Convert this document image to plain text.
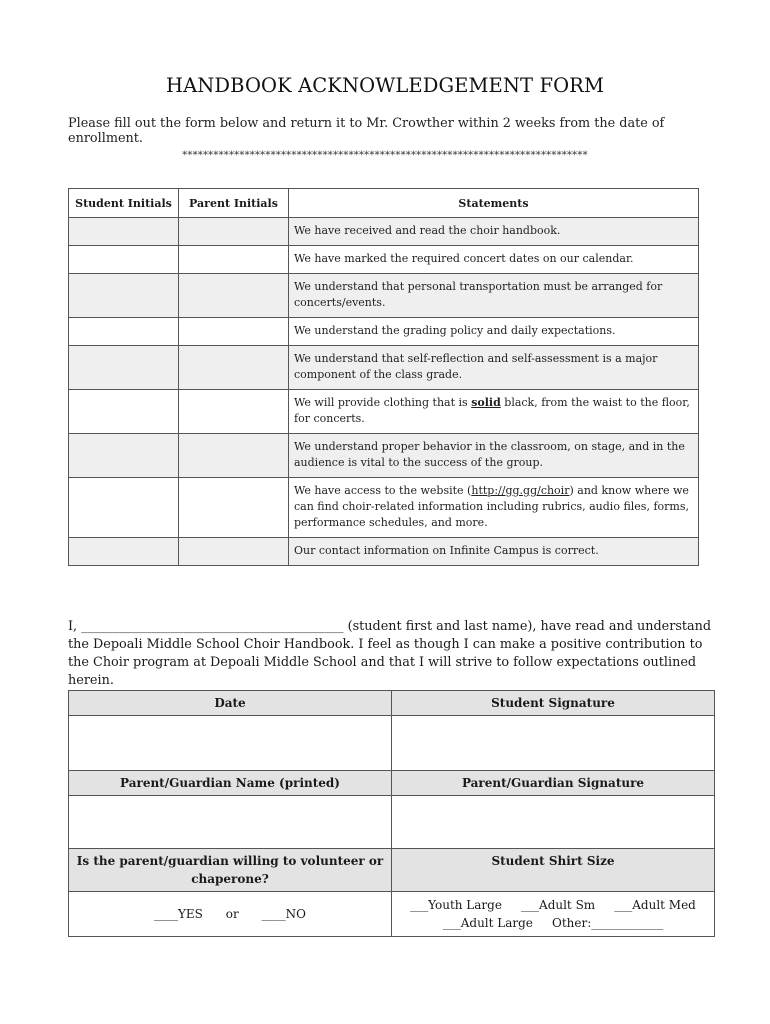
HANDBOOK ACKNOWLEDGEMENT FORM
Please fill out the form below and return it to Mr. Crowther within 2 weeks from the date of enrollment.
******************************************************************************
Student Initials	Parent Initials	Statements
		We have received and read the choir handbook.
		We have marked the required concert dates on our calendar.
		We understand that personal transportation must be arranged for concerts/events.
		We understand the grading policy and daily expectations.
		We understand that self-reflection and self-assessment is a major component of the class grade.
		We will provide clothing that is solid black, from the waist to the floor, for concerts.
		We understand proper behavior in the classroom, on stage, and in the audience is vital to the success of the group.
		We have access to the website (http://gg.gg/choir) and know where we can find choir-related information including rubrics, audio files, forms, performance schedules, and more.
		Our contact information on Infinite Campus is correct.
I, _________________________________________ (student first and last name), have read and understand the Depoali Middle School Choir Handbook. I feel as though I can make a positive contribution to the Choir program at Depoali Middle School and that I will strive to follow expectations outlined herein.
Date	Student Signature

Parent/Guardian Name (printed)	Parent/Guardian Signature

Is the parent/guardian willing to volunteer or chaperone?	Student Shirt Size
____YES      or      ____NO	___Youth Large     ___Adult Sm     ___Adult Med
___Adult Large     Other:____________
